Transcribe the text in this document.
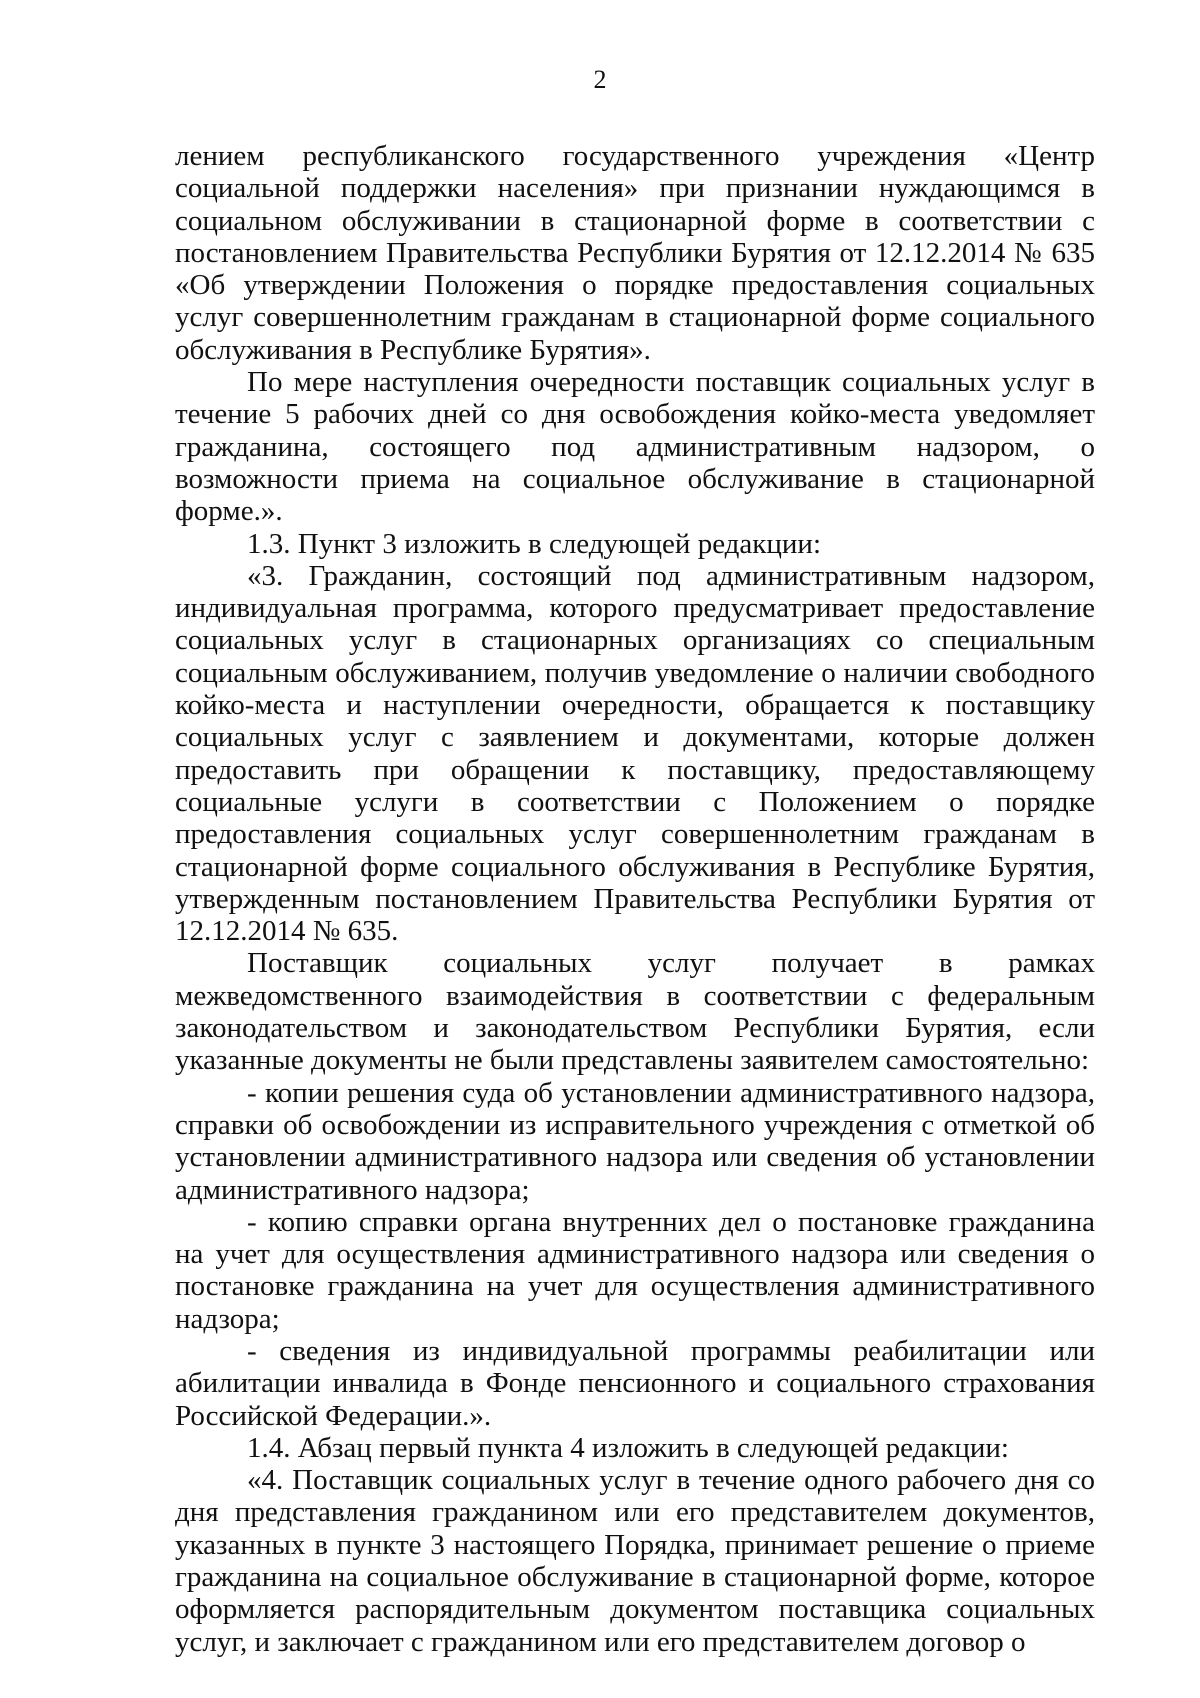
2

лением республиканского государственного учреждения «Центр социальной поддержки населения» при признании нуждающимся в социальном обслуживании в стационарной форме в соответствии с постановлением Правительства Республики Бурятия от 12.12.2014 № 635 «Об утверждении Положения о порядке предоставления социальных услуг совершеннолетним гражданам в стационарной форме социального обслуживания в Республике Бурятия».

По мере наступления очередности поставщик социальных услуг в течение 5 рабочих дней со дня освобождения койко-места уведомляет гражданина, состоящего под административным надзором, о возможности приема на социальное обслуживание в стационарной форме.».

1.3. Пункт 3 изложить в следующей редакции:

«3. Гражданин, состоящий под административным надзором, индивидуальная программа, которого предусматривает предоставление социальных услуг в стационарных организациях со специальным социальным обслуживанием, получив уведомление о наличии свободного койко-места и наступлении очередности, обращается к поставщику социальных услуг с заявлением и документами, которые должен предоставить при обращении к поставщику, предоставляющему социальные услуги в соответствии с Положением о порядке предоставления социальных услуг совершеннолетним гражданам в стационарной форме социального обслуживания в Республике Бурятия, утвержденным постановлением Правительства Республики Бурятия от 12.12.2014 № 635.

Поставщик социальных услуг получает в рамках межведомственного взаимодействия в соответствии с федеральным законодательством и законодательством Республики Бурятия, если указанные документы не были представлены заявителем самостоятельно:

- копии решения суда об установлении административного надзора, справки об освобождении из исправительного учреждения с отметкой об установлении административного надзора или сведения об установлении административного надзора;

- копию справки органа внутренних дел о постановке гражданина на учет для осуществления административного надзора или сведения о постановке гражданина на учет для осуществления административного надзора;

- сведения из индивидуальной программы реабилитации или абилитации инвалида в Фонде пенсионного и социального страхования Российской Федерации.».

1.4. Абзац первый пункта 4 изложить в следующей редакции:

«4. Поставщик социальных услуг в течение одного рабочего дня со дня представления гражданином или его представителем документов, указанных в пункте 3 настоящего Порядка, принимает решение о приеме гражданина на социальное обслуживание в стационарной форме, которое оформляется распорядительным документом поставщика социальных услуг, и заключает с гражданином или его представителем договор о
